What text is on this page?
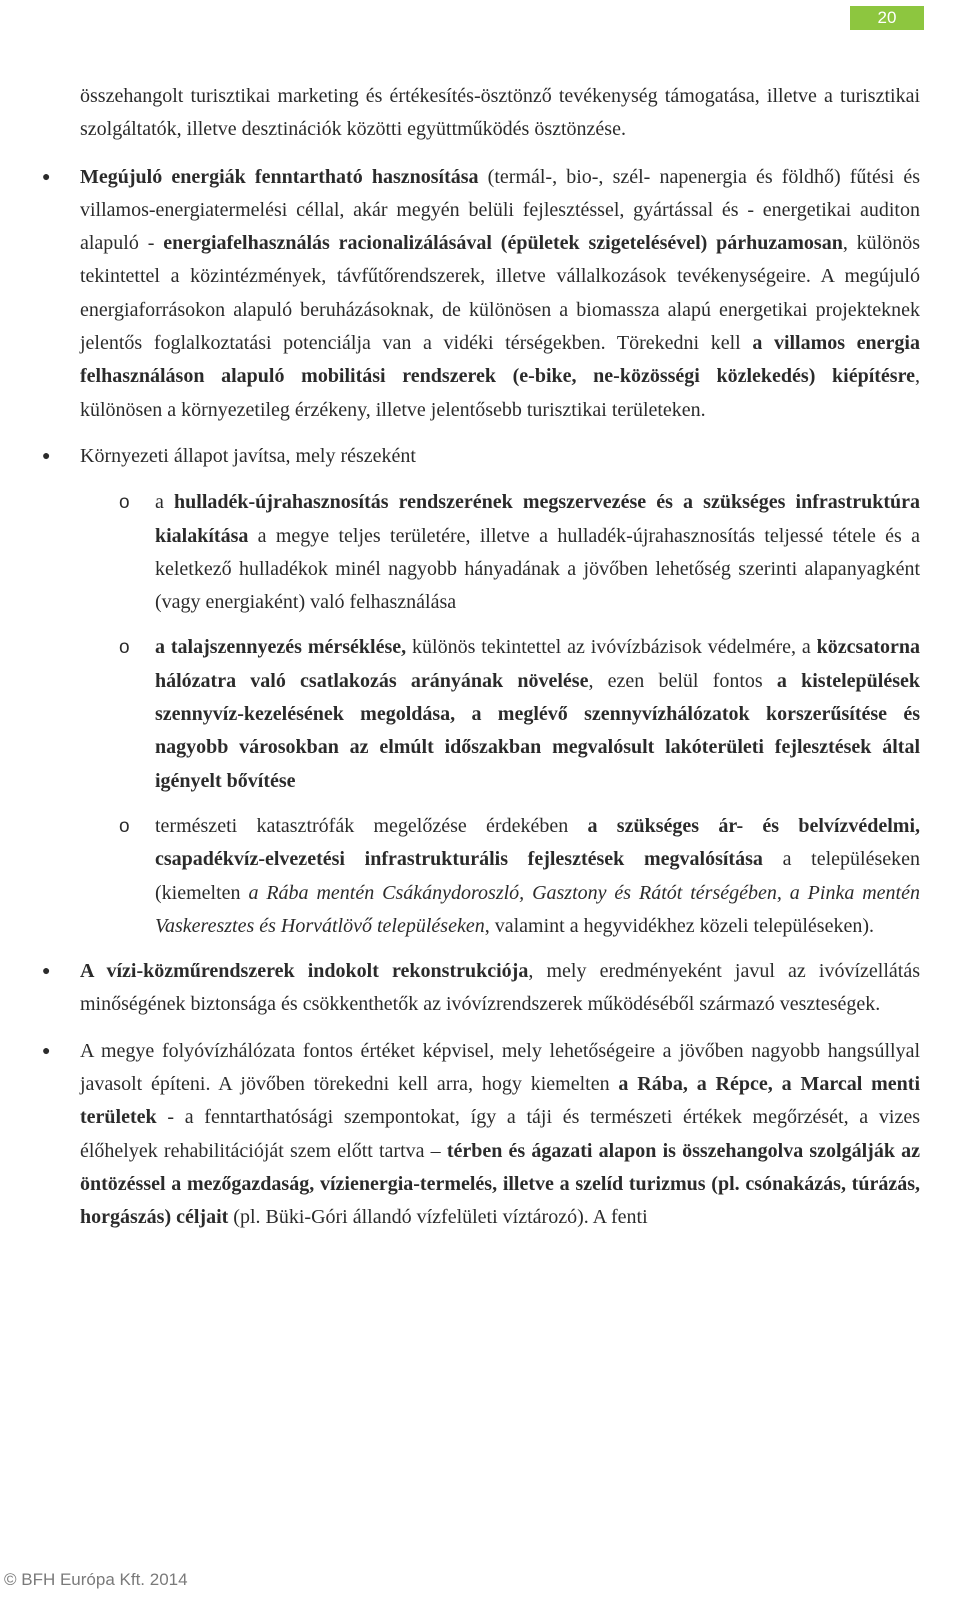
20

összehangolt turisztikai marketing és értékesítés-ösztönző tevékenység támogatása, illetve a turisztikai szolgáltatók, illetve desztinációk közötti együttműködés ösztönzése.

● Megújuló energiák fenntartható hasznosítása (termál-, bio-, szél- napenergia és földhő) fűtési és villamos-energiatermelési céllal, akár megyén belüli fejlesztéssel, gyártással és - energetikai auditon alapuló - energiafelhasználás racionalizálásával (épületek szigetelésével) párhuzamosan, különös tekintettel a közintézmények, távfűtőrendszerek, illetve vállalkozások tevékenységeire. A megújuló energiaforrásokon alapuló beruházásoknak, de különösen a biomassza alapú energetikai projekteknek jelentős foglalkoztatási potenciálja van a vidéki térségekben. Törekedni kell a villamos energia felhasználáson alapuló mobilitási rendszerek (e-bike, ne-közösségi közlekedés) kiépítésre, különösen a környezetileg érzékeny, illetve jelentősebb turisztikai területeken.

● Környezeti állapot javítsa, mely részeként

o a hulladék-újrahasznosítás rendszerének megszervezése és a szükséges infrastruktúra kialakítása a megye teljes területére, illetve a hulladék-újrahasznosítás teljessé tétele és a keletkező hulladékok minél nagyobb hányadának a jövőben lehetőség szerinti alapanyagként (vagy energiaként) való felhasználása

o a talajszennyezés mérséklése, különös tekintettel az ivóvízbázisok védelmére, a közcsatorna hálózatra való csatlakozás arányának növelése, ezen belül fontos a kistelepülések szennyvíz-kezelésének megoldása, a meglévő szennyvízhálózatok korszerűsítése és nagyobb városokban az elmúlt időszakban megvalósult lakóterületi fejlesztések által igényelt bővítése

o természeti katasztrófák megelőzése érdekében a szükséges ár- és belvízvédelmi, csapadékvíz-elvezetési infrastrukturális fejlesztések megvalósítása a településeken (kiemelten a Rába mentén Csákánydoroszló, Gasztony és Rátót térségében, a Pinka mentén Vaskeresztes és Horvátlövő településeken, valamint a hegyvidékhez közeli településeken).

● A vízi-közműrendszerek indokolt rekonstrukciója, mely eredményeként javul az ivóvízellátás minőségének biztonsága és csökkenthetők az ivóvízrendszerek működéséből származó veszteségek.

● A megye folyóvízhálózata fontos értéket képvisel, mely lehetőségeire a jövőben nagyobb hangsúllyal javasolt építeni. A jövőben törekedni kell arra, hogy kiemelten a Rába, a Répce, a Marcal menti területek - a fenntarthatósági szempontokat, így a táji és természeti értékek megőrzését, a vizes élőhelyek rehabilitációját szem előtt tartva – térben és ágazati alapon is összehangolva szolgálják az öntözéssel a mezőgazdaság, vízienergia-termelés, illetve a szelíd turizmus (pl. csónakázás, túrázás, horgászás) céljait (pl. Büki-Góri állandó vízfelületi víztározó). A fenti

© BFH Európa Kft. 2014
